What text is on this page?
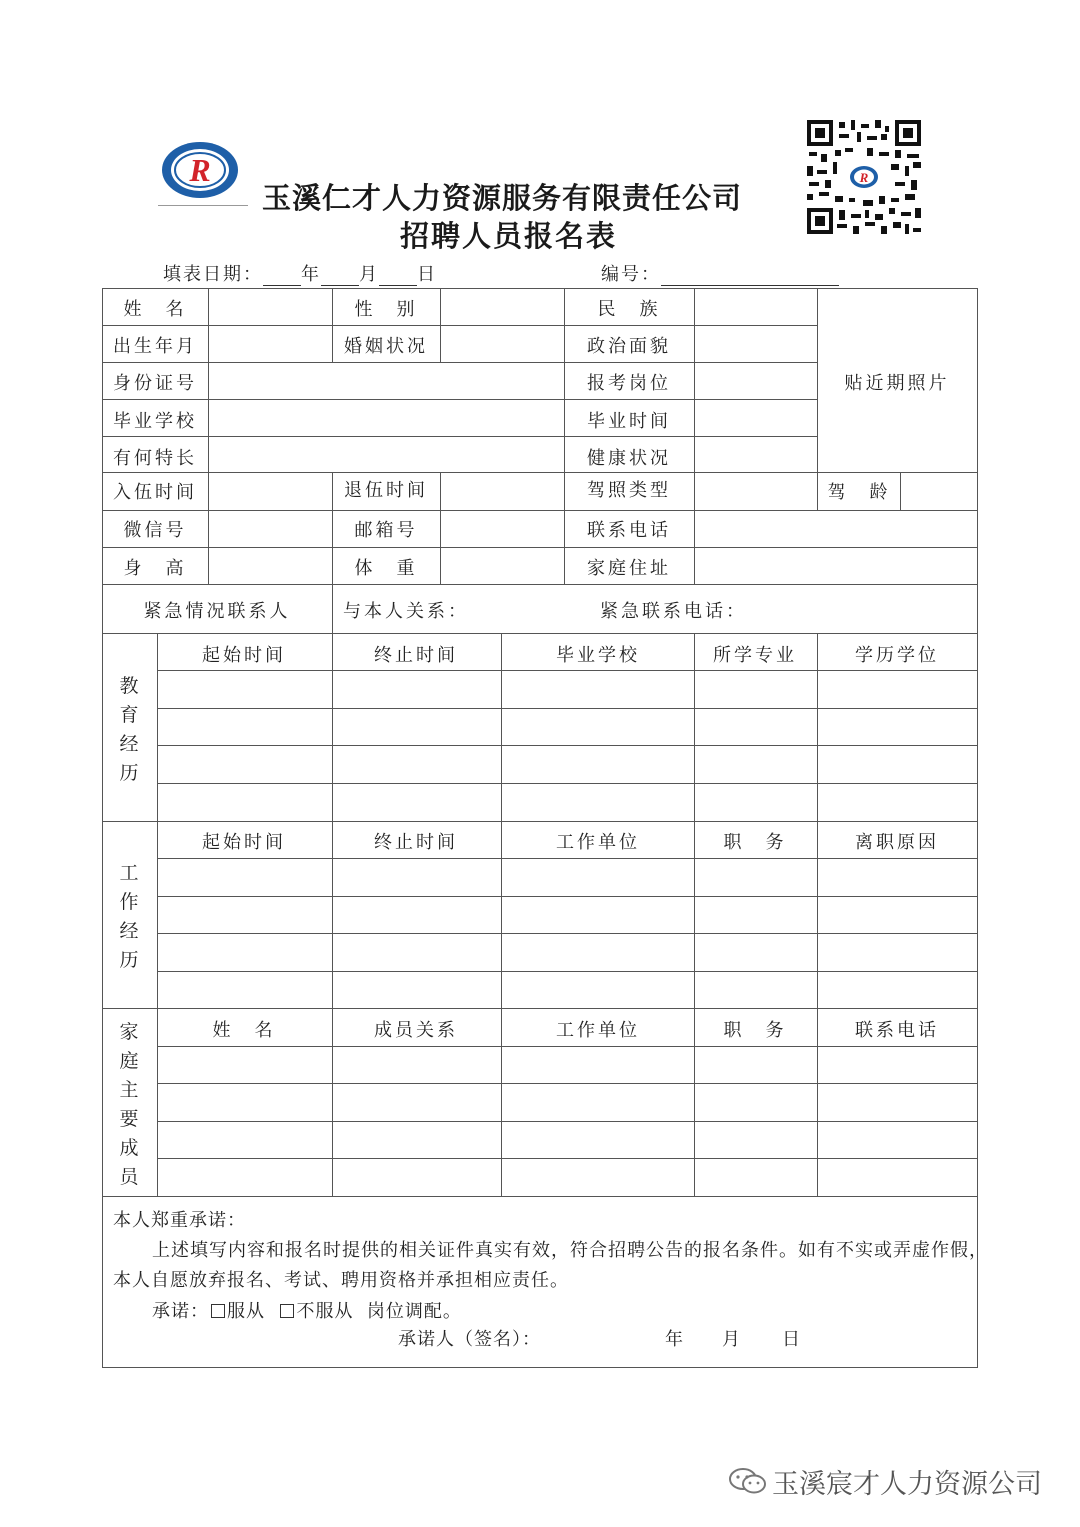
R
玉溪仁才人力资源服务有限责任公司
招聘人员报名表
R
填表日期： 年 月 日	编号：
姓　名	性　别	民　族
出生年月	婚姻状况	政治面貌
身份证号	报考岗位
毕业学校	毕业时间
有何特长	健康状况
贴近期照片
入伍时间	退伍时间	驾照类型	驾　龄
微信号	邮箱号	联系电话
身　高	体　重	家庭住址
紧急情况联系人	与本人关系：	紧急联系电话：
教育经历
起始时间	终止时间	毕业学校	所学专业	学历学位
工作经历
起始时间	终止时间	工作单位	职　务	离职原因
家庭主要成员
姓　名	成员关系	工作单位	职　务	联系电话
本人郑重承诺：
上述填写内容和报名时提供的相关证件真实有效，符合招聘公告的报名条件。如有不实或弄虚作假，
本人自愿放弃报名、考试、聘用资格并承担相应责任。
承诺： 服从 不服从 岗位调配。
承诺人（签名）：	年 月 日
玉溪宸才人力资源公司
